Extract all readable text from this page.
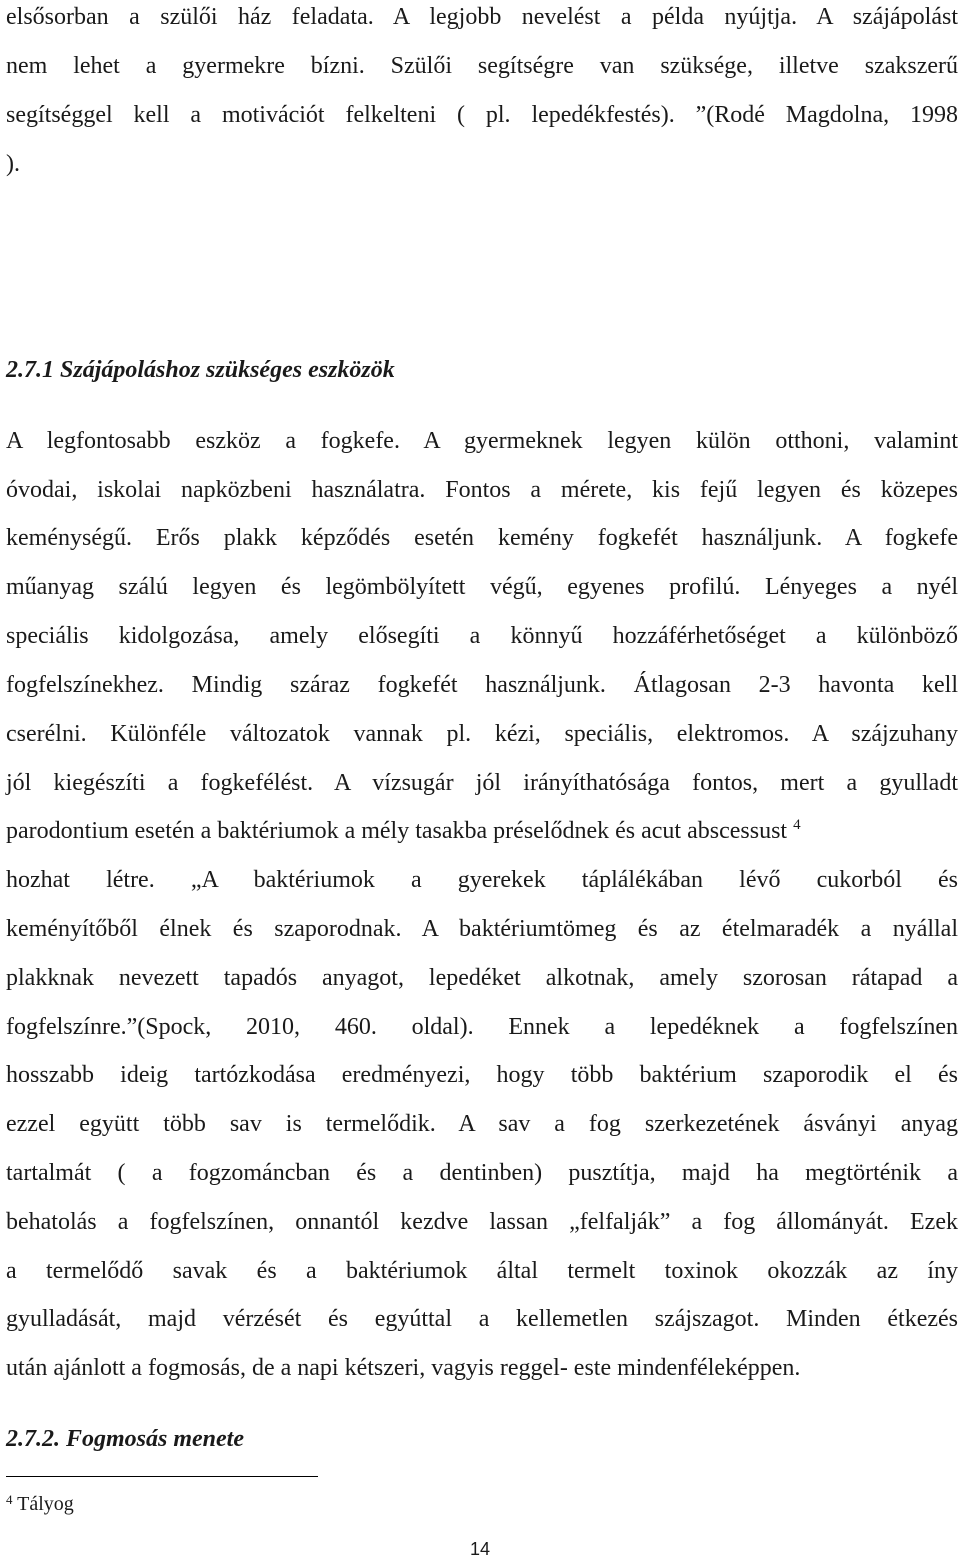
elsősorban a szülői ház feladata. A legjobb nevelést a példa nyújtja. A szájápolást
nem lehet a gyermekre bízni. Szülői segítségre van szüksége, illetve szakszerű
segítséggel kell a motivációt felkelteni ( pl. lepedékfestés). ”(Rodé Magdolna, 1998
).
2.7.1 Szájápoláshoz szükséges eszközök
A legfontosabb eszköz a fogkefe. A gyermeknek legyen külön otthoni, valamint
óvodai, iskolai napközbeni használatra. Fontos a mérete, kis fejű legyen és közepes
keménységű. Erős plakk képződés esetén kemény fogkefét használjunk. A fogkefe
műanyag szálú legyen és legömbölyített végű, egyenes profilú. Lényeges a nyél
speciális kidolgozása, amely elősegíti a könnyű hozzáférhetőséget a különböző
fogfelszínekhez. Mindig száraz fogkefét használjunk. Átlagosan 2-3 havonta kell
cserélni. Különféle változatok vannak pl. kézi, speciális, elektromos. A szájzuhany
jól kiegészíti a fogkefélést. A vízsugár jól irányíthatósága fontos, mert a gyulladt
parodontium esetén a baktériumok a mély tasakba préselődnek és acut abscessust $^4$
hozhat létre. „A baktériumok a gyerekek táplálékában lévő cukorból és
keményítőből élnek és szaporodnak. A baktériumtömeg és az ételmaradék a nyállal
plakknak nevezett tapadós anyagot, lepedéket alkotnak, amely szorosan rátapad a
fogfelszínre.”(Spock, 2010, 460. oldal). Ennek a lepedéknek a fogfelszínen
hosszabb ideig tartózkodása eredményezi, hogy több baktérium szaporodik el és
ezzel együtt több sav is termelődik. A sav a fog szerkezetének ásványi anyag
tartalmát ( a fogzománcban és a dentinben) pusztítja, majd ha megtörténik a
behatolás a fogfelszínen, onnantól kezdve lassan „felfalják” a fog állományát. Ezek
a termelődő savak és a baktériumok által termelt toxinok okozzák az íny
gyulladását, majd vérzését és egyúttal a kellemetlen szájszagot. Minden étkezés
után ajánlott a fogmosás, de a napi kétszeri, vagyis reggel- este mindenféleképpen.
2.7.2. Fogmosás menete
$^4$ Tályog
14
